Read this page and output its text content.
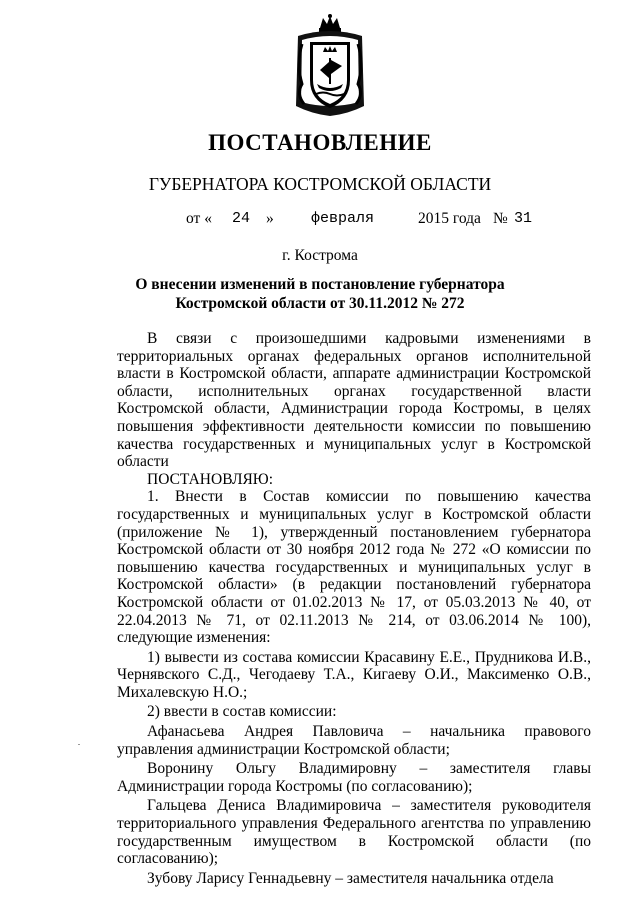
ПОСТАНОВЛЕНИЕ
ГУБЕРНАТОРА КОСТРОМСКОЙ ОБЛАСТИ
от « 24 » февраля	2015 года № 31
г. Кострома
О внесении изменений в постановление губернатора
Костромской области от 30.11.2012 № 272

В связи с произошедшими кадровыми изменениями в территориальных органах федеральных органов исполнительной власти в Костромской области, аппарате администрации Костромской области, исполнительных органах государственной власти Костромской области, Администрации города Костромы, в целях повышения эффективности деятельности комиссии по повышению качества государственных и муниципальных услуг в Костромской области

ПОСТАНОВЛЯЮ:

1. Внести в Состав комиссии по повышению качества государственных и муниципальных услуг в Костромской области (приложение № 1), утвержденный постановлением губернатора Костромской области от 30 ноября 2012 года № 272 «О комиссии по повышению качества государственных и муниципальных услуг в Костромской области» (в редакции постановлений губернатора Костромской области от 01.02.2013 № 17, от 05.03.2013 № 40, от 22.04.2013 № 71, от 02.11.2013 № 214, от 03.06.2014 № 100), следующие изменения:

1) вывести из состава комиссии Красавину Е.Е., Прудникова И.В., Чернявского С.Д., Чегодаеву Т.А., Кигаеву О.И., Максименко О.В., Михалевскую Н.О.;

2) ввести в состав комиссии:

Афанасьева Андрея Павловича – начальника правового управления администрации Костромской области;

Воронину Ольгу Владимировну – заместителя главы Администрации города Костромы (по согласованию);

Гальцева Дениса Владимировича – заместителя руководителя территориального управления Федерального агентства по управлению государственным имуществом в Костромской области (по согласованию);

Зубову Ларису Геннадьевну – заместителя начальника отдела
